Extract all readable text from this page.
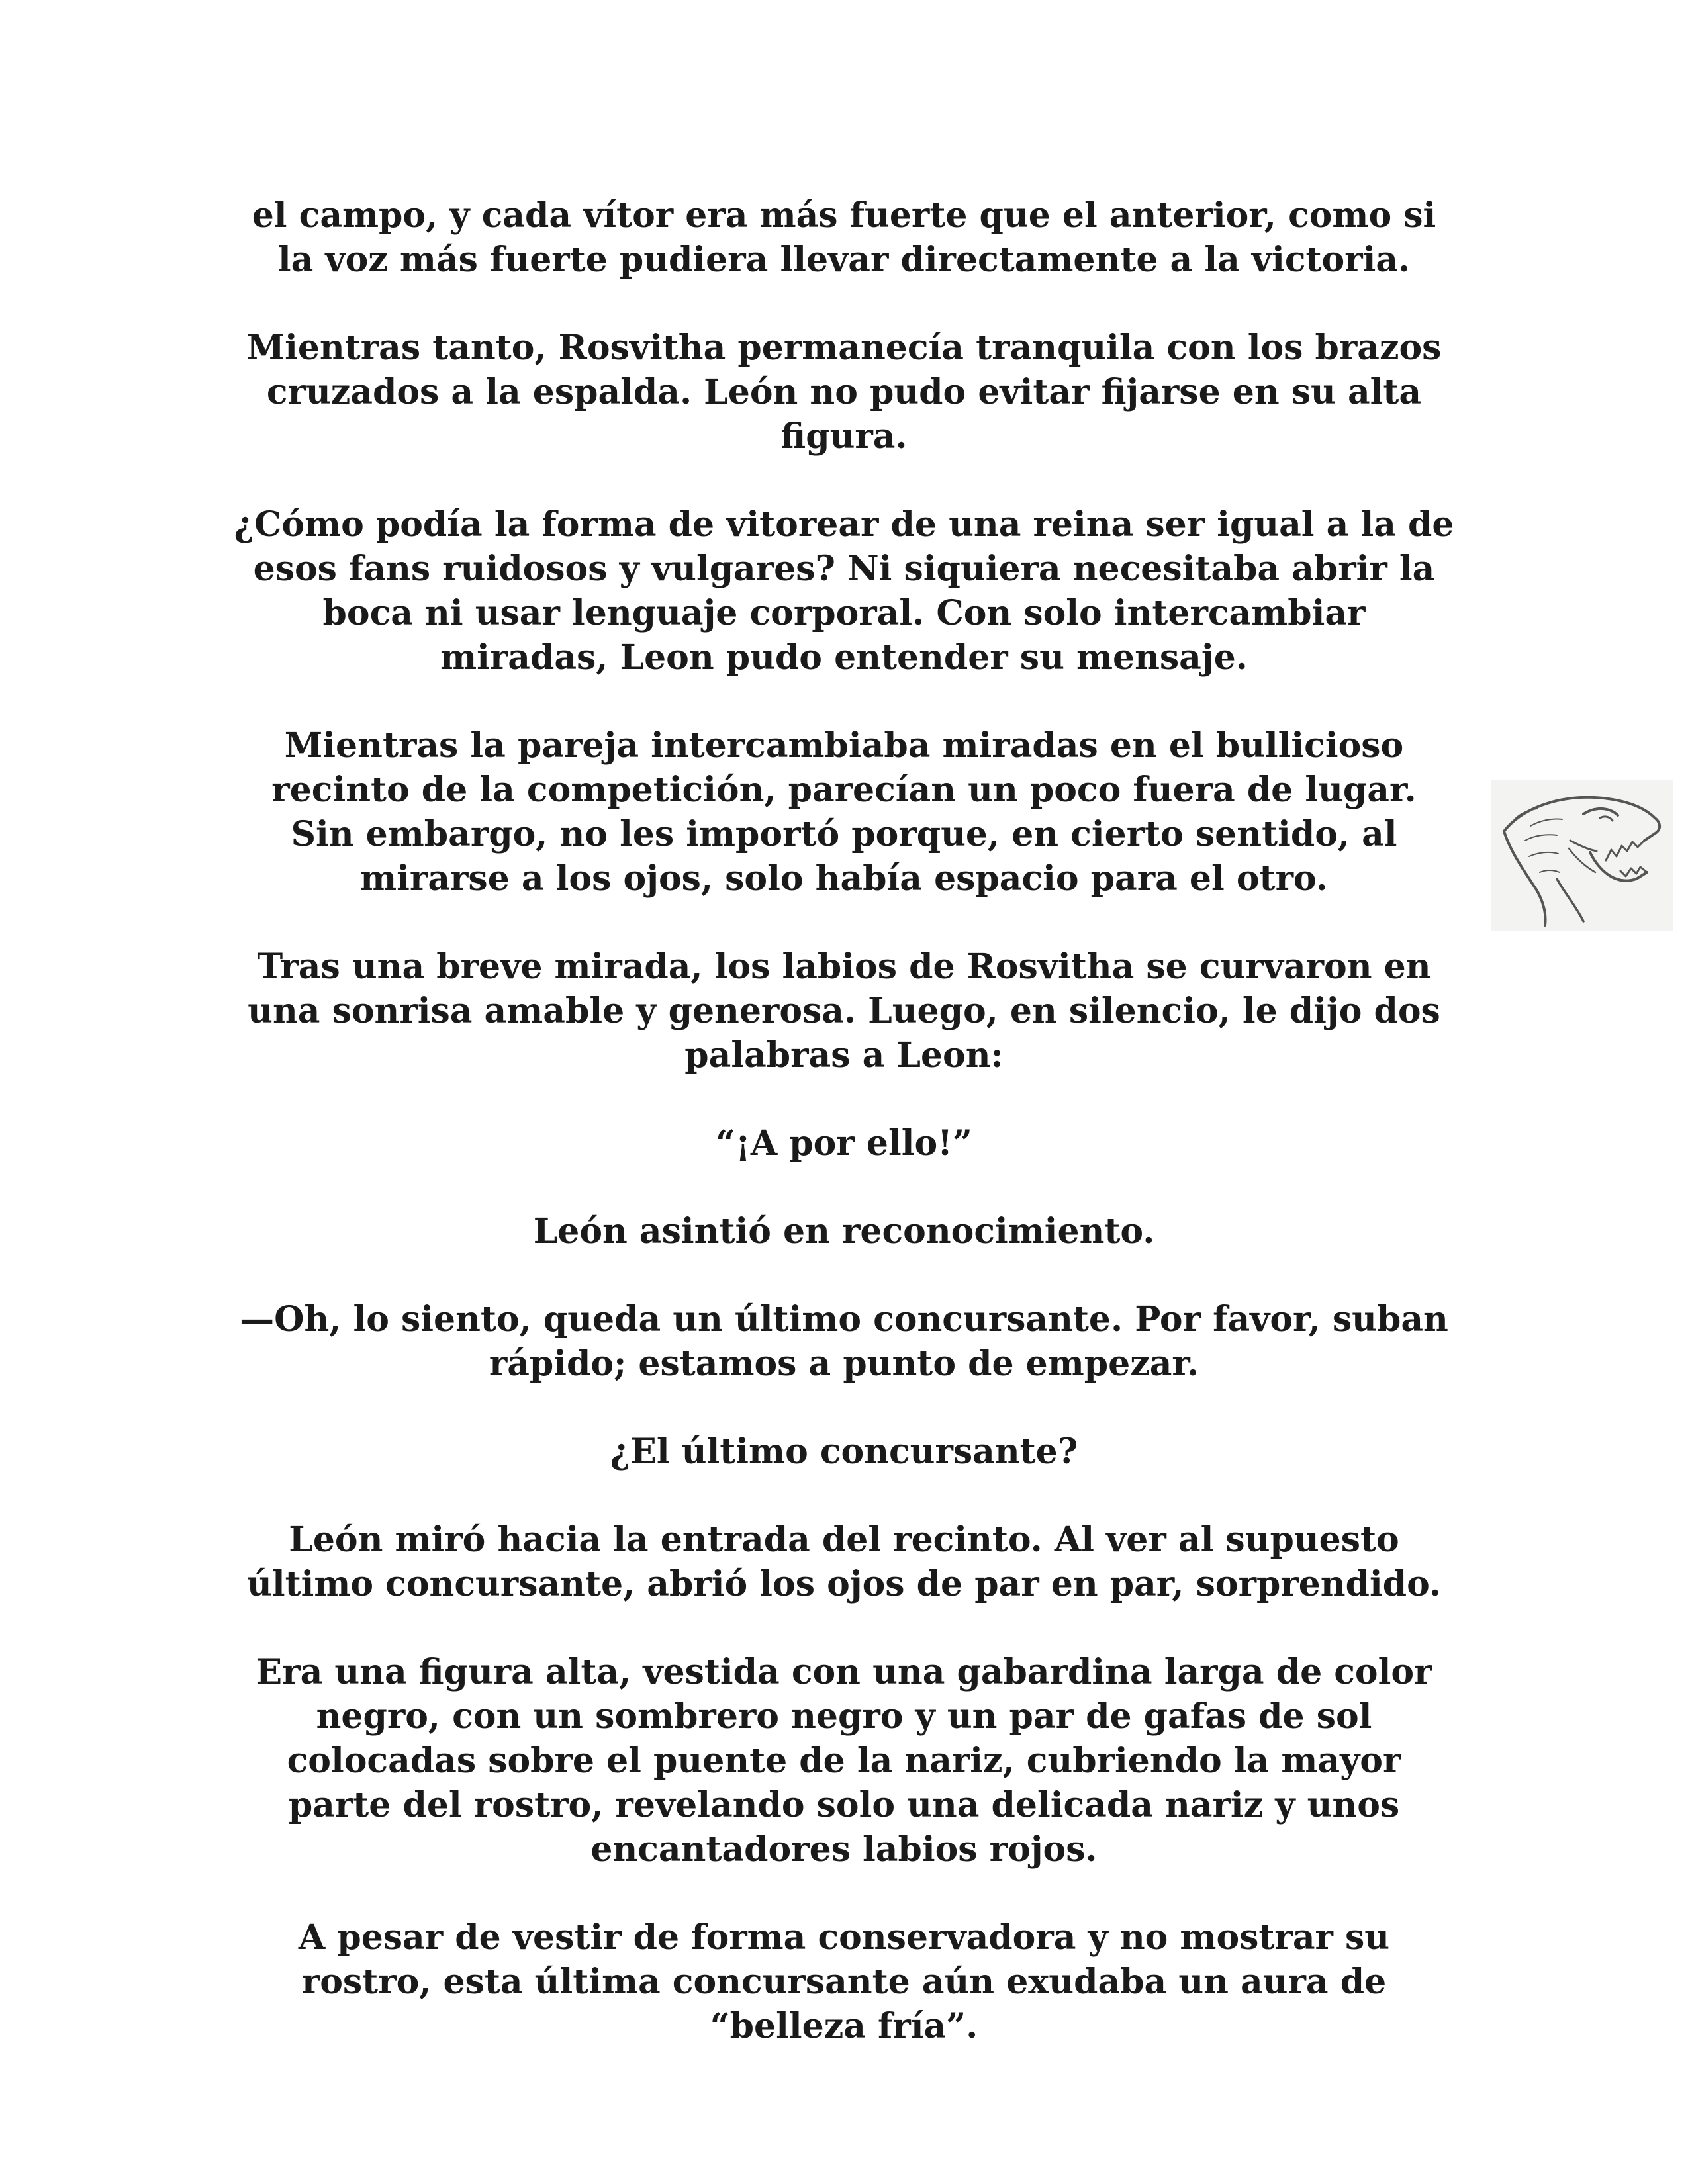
el campo, y cada vítor era más fuerte que el anterior, como si
la voz más fuerte pudiera llevar directamente a la victoria.

Mientras tanto, Rosvitha permanecía tranquila con los brazos
cruzados a la espalda. León no pudo evitar fijarse en su alta
figura.

¿Cómo podía la forma de vitorear de una reina ser igual a la de
esos fans ruidosos y vulgares? Ni siquiera necesitaba abrir la
boca ni usar lenguaje corporal. Con solo intercambiar
miradas, Leon pudo entender su mensaje.

Mientras la pareja intercambiaba miradas en el bullicioso
recinto de la competición, parecían un poco fuera de lugar.
Sin embargo, no les importó porque, en cierto sentido, al
mirarse a los ojos, solo había espacio para el otro.

Tras una breve mirada, los labios de Rosvitha se curvaron en
una sonrisa amable y generosa. Luego, en silencio, le dijo dos
palabras a Leon:

“¡A por ello!”

León asintió en reconocimiento.

—Oh, lo siento, queda un último concursante. Por favor, suban
rápido; estamos a punto de empezar.

¿El último concursante?

León miró hacia la entrada del recinto. Al ver al supuesto
último concursante, abrió los ojos de par en par, sorprendido.

Era una figura alta, vestida con una gabardina larga de color
negro, con un sombrero negro y un par de gafas de sol
colocadas sobre el puente de la nariz, cubriendo la mayor
parte del rostro, revelando solo una delicada nariz y unos
encantadores labios rojos.

A pesar de vestir de forma conservadora y no mostrar su
rostro, esta última concursante aún exudaba un aura de
“belleza fría”.
